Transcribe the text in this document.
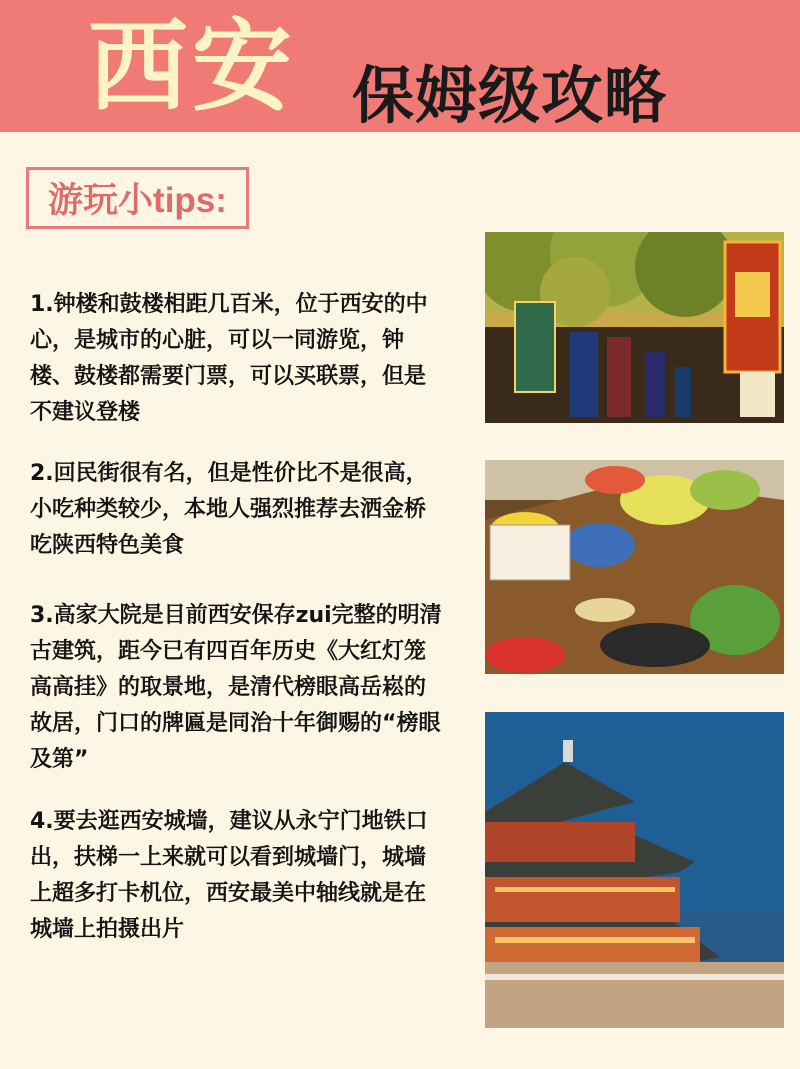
西安 保姆级攻略
游玩小tips:
1.钟楼和鼓楼相距几百米，位于西安的中心，是城市的心脏，可以一同游览，钟楼、鼓楼都需要门票，可以买联票，但是不建议登楼
2.回民街很有名，但是性价比不是很高，小吃种类较少，本地人强烈推荐去洒金桥吃陕西特色美食
3.高家大院是目前西安保存zui完整的明清古建筑，距今已有四百年历史《大红灯笼高高挂》的取景地，是清代榜眼高岳崧的故居，门口的牌匾是同治十年御赐的“榜眼及第”
4.要去逛西安城墙，建议从永宁门地铁口出，扶梯一上来就可以看到城墙门，城墙上超多打卡机位，西安最美中轴线就是在城墙上拍摄出片
